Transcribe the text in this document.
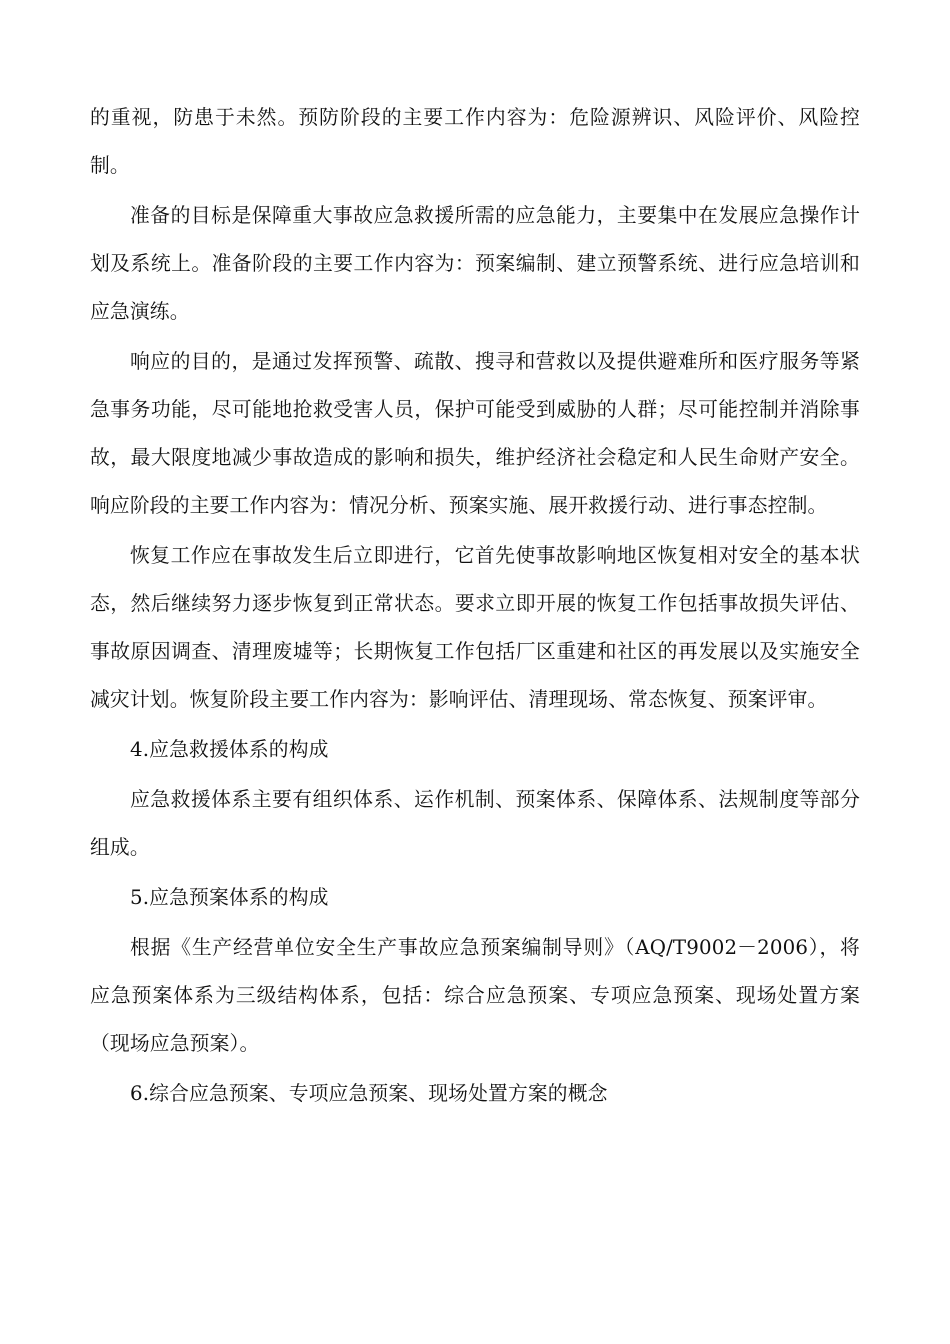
的重视，防患于未然。预防阶段的主要工作内容为：危险源辨识、风险评价、风险控制。

准备的目标是保障重大事故应急救援所需的应急能力，主要集中在发展应急操作计划及系统上。准备阶段的主要工作内容为：预案编制、建立预警系统、进行应急培训和应急演练。

响应的目的，是通过发挥预警、疏散、搜寻和营救以及提供避难所和医疗服务等紧急事务功能，尽可能地抢救受害人员，保护可能受到威胁的人群；尽可能控制并消除事故，最大限度地减少事故造成的影响和损失，维护经济社会稳定和人民生命财产安全。响应阶段的主要工作内容为：情况分析、预案实施、展开救援行动、进行事态控制。

恢复工作应在事故发生后立即进行，它首先使事故影响地区恢复相对安全的基本状态，然后继续努力逐步恢复到正常状态。要求立即开展的恢复工作包括事故损失评估、事故原因调查、清理废墟等；长期恢复工作包括厂区重建和社区的再发展以及实施安全减灾计划。恢复阶段主要工作内容为：影响评估、清理现场、常态恢复、预案评审。

4.应急救援体系的构成

应急救援体系主要有组织体系、运作机制、预案体系、保障体系、法规制度等部分组成。

5.应急预案体系的构成

根据《生产经营单位安全生产事故应急预案编制导则》（AQ/T9002－2006），将应急预案体系为三级结构体系，包括：综合应急预案、专项应急预案、现场处置方案（现场应急预案）。

6.综合应急预案、专项应急预案、现场处置方案的概念
